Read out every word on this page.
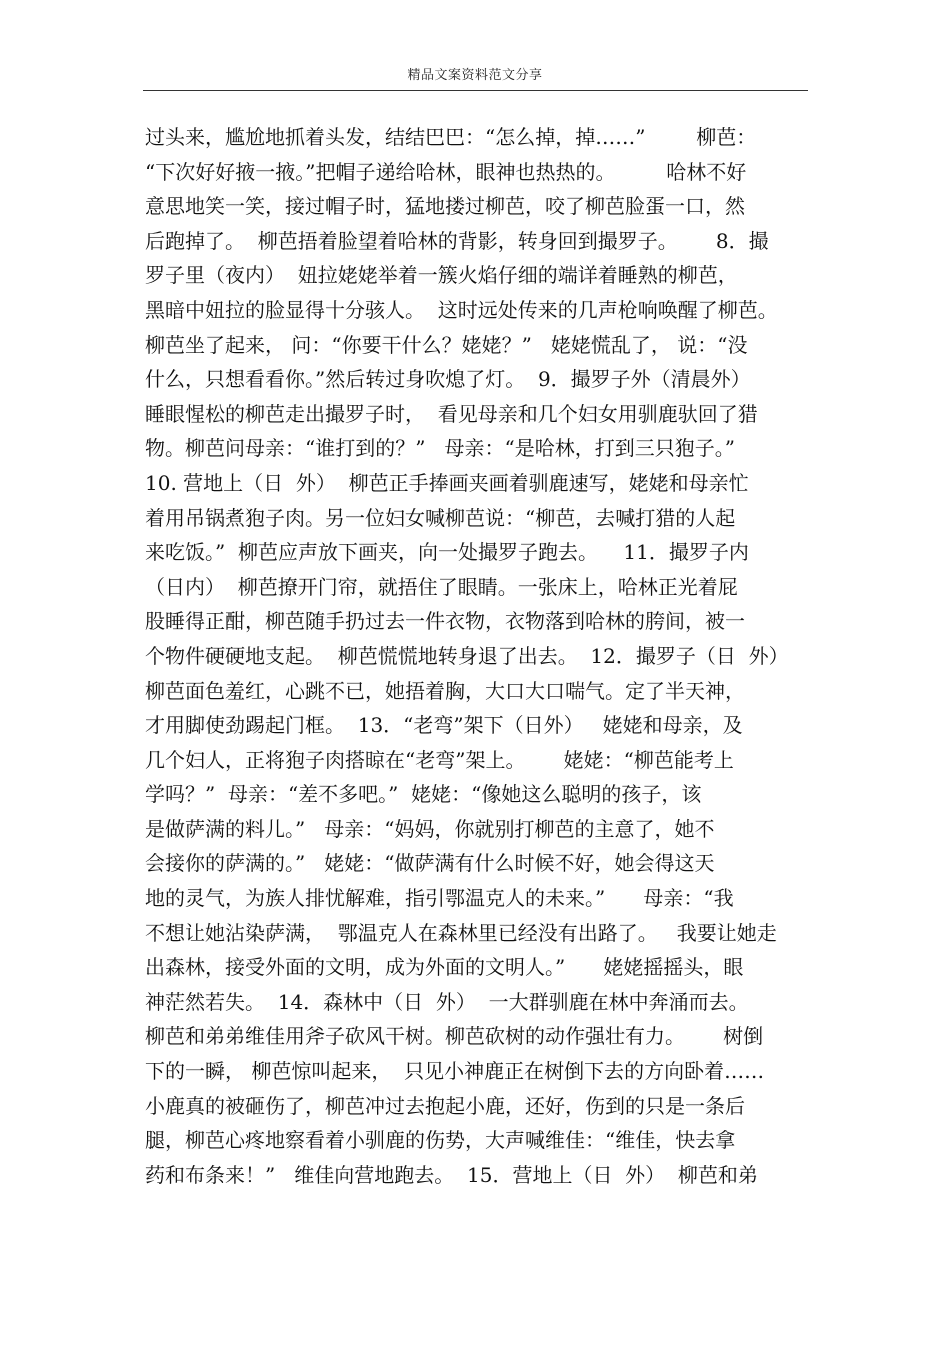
精品文案资料范文分享
过头来，尴尬地抓着头发，结结巴巴：“怎么掉，掉……”        柳芭：
“下次好好掖一掖。”把帽子递给哈林，眼神也热热的。        哈林不好
意思地笑一笑，接过帽子时，猛地搂过柳芭，咬了柳芭脸蛋一口，然
后跑掉了。  柳芭捂着脸望着哈林的背影，转身回到撮罗子。      8．撮
罗子里（夜内）  妞拉姥姥举着一簇火焰仔细的端详着睡熟的柳芭，
黑暗中妞拉的脸显得十分骇人。  这时远处传来的几声枪响唤醒了柳芭。
柳芭坐了起来， 问：“你要干什么？姥姥？”   姥姥慌乱了， 说：“没
什么，只想看看你。”然后转过身吹熄了灯。  9．撮罗子外（清晨外）
睡眼惺松的柳芭走出撮罗子时，  看见母亲和几个妇女用驯鹿驮回了猎
物。柳芭问母亲：“谁打到的？”   母亲：“是哈林，打到三只狍子。”
10. 营地上（日  外）  柳芭正手捧画夹画着驯鹿速写，姥姥和母亲忙
着用吊锅煮狍子肉。另一位妇女喊柳芭说：“柳芭，去喊打猎的人起
来吃饭。”  柳芭应声放下画夹，向一处撮罗子跑去。    11．撮罗子内
（日内）  柳芭撩开门帘，就捂住了眼睛。一张床上，哈林正光着屁
股睡得正酣，柳芭随手扔过去一件衣物，衣物落到哈林的胯间，被一
个物件硬硬地支起。  柳芭慌慌地转身退了出去。  12．撮罗子（日  外）
柳芭面色羞红，心跳不已，她捂着胸，大口大口喘气。定了半天神，
才用脚使劲踢起门框。  13．“老弯”架下（日外）   姥姥和母亲，及
几个妇人，正将狍子肉搭晾在“老弯”架上。      姥姥：“柳芭能考上
学吗？”  母亲：“差不多吧。”  姥姥：“像她这么聪明的孩子，该
是做萨满的料儿。”   母亲：“妈妈，你就别打柳芭的主意了，她不
会接你的萨满的。”   姥姥：“做萨满有什么时候不好，她会得这天
地的灵气，为族人排忧解难，指引鄂温克人的未来。”      母亲：“我
不想让她沾染萨满，  鄂温克人在森林里已经没有出路了。   我要让她走
出森林，接受外面的文明，成为外面的文明人。”      姥姥摇摇头，眼
神茫然若失。  14．森林中（日  外）  一大群驯鹿在林中奔涌而去。
柳芭和弟弟维佳用斧子砍风干树。柳芭砍树的动作强壮有力。      树倒
下的一瞬， 柳芭惊叫起来，  只见小神鹿正在树倒下去的方向卧着……
小鹿真的被砸伤了，柳芭冲过去抱起小鹿，还好，伤到的只是一条后
腿，柳芭心疼地察看着小驯鹿的伤势，大声喊维佳：“维佳，快去拿
药和布条来！”   维佳向营地跑去。  15．营地上（日  外）  柳芭和弟
